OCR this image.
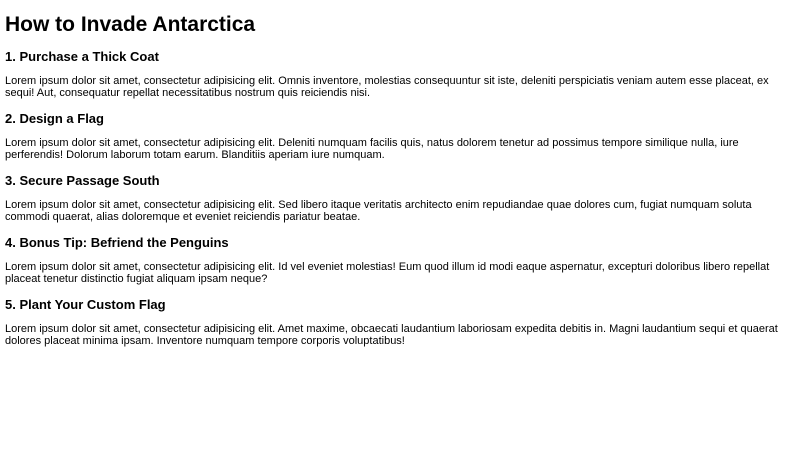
How to Invade Antarctica
1. Purchase a Thick Coat

Lorem ipsum dolor sit amet, consectetur adipisicing elit. Omnis inventore, molestias consequuntur sit iste, deleniti perspiciatis veniam autem esse placeat, ex sequi! Aut, consequatur repellat necessitatibus nostrum quis reiciendis nisi.

2. Design a Flag

Lorem ipsum dolor sit amet, consectetur adipisicing elit. Deleniti numquam facilis quis, natus dolorem tenetur ad possimus tempore similique nulla, iure perferendis! Dolorum laborum totam earum. Blanditiis aperiam iure numquam.

3. Secure Passage South

Lorem ipsum dolor sit amet, consectetur adipisicing elit. Sed libero itaque veritatis architecto enim repudiandae quae dolores cum, fugiat numquam soluta commodi quaerat, alias doloremque et eveniet reiciendis pariatur beatae.

4. Bonus Tip: Befriend the Penguins

Lorem ipsum dolor sit amet, consectetur adipisicing elit. Id vel eveniet molestias! Eum quod illum id modi eaque aspernatur, excepturi doloribus libero repellat placeat tenetur distinctio fugiat aliquam ipsam neque?

5. Plant Your Custom Flag

Lorem ipsum dolor sit amet, consectetur adipisicing elit. Amet maxime, obcaecati laudantium laboriosam expedita debitis in. Magni laudantium sequi et quaerat dolores placeat minima ipsam. Inventore numquam tempore corporis voluptatibus!
